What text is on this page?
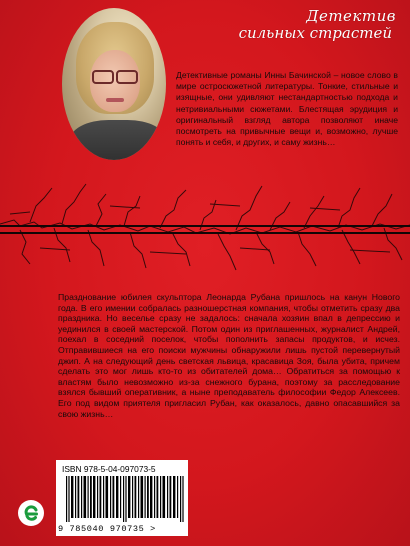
Детектив
сильных страстей
Детективные романы Инны Бачинской – новое слово в мире остросюжетной литературы. Тонкие, стильные и изящные, они удивляют нестандартностью подхода и нетривиальными сюжетами. Блестящая эрудиция и оригинальный взгляд автора позволяют иначе посмотреть на привычные вещи и, возможно, лучше понять и себя, и других, и саму жизнь…
Празднование юбилея скульптора Леонарда Рубана пришлось на канун Нового года. В его имении собралась разношерстная компания, чтобы отметить сразу два праздника. Но веселье сразу не задалось: сначала хозяин впал в депрессию и уединился в своей мастерской. Потом один из приглашенных, журналист Андрей, поехал в соседний поселок, чтобы пополнить запасы продуктов, и исчез. Отправившиеся на его поиски мужчины обнаружили лишь пустой перевернутый джип. А на следующий день светская львица, красавица Зоя, была убита, причем сделать это мог лишь кто-то из обитателей дома… Обратиться за помощью к властям было невозможно из-за снежного бурана, поэтому за расследование взялся бывший оперативник, а ныне преподаватель философии Федор Алексеев. Его под видом приятеля пригласил Рубан, как оказалось, давно опасавшийся за свою жизнь…
ISBN 978-5-04-097073-5
9 785040 970735 >
